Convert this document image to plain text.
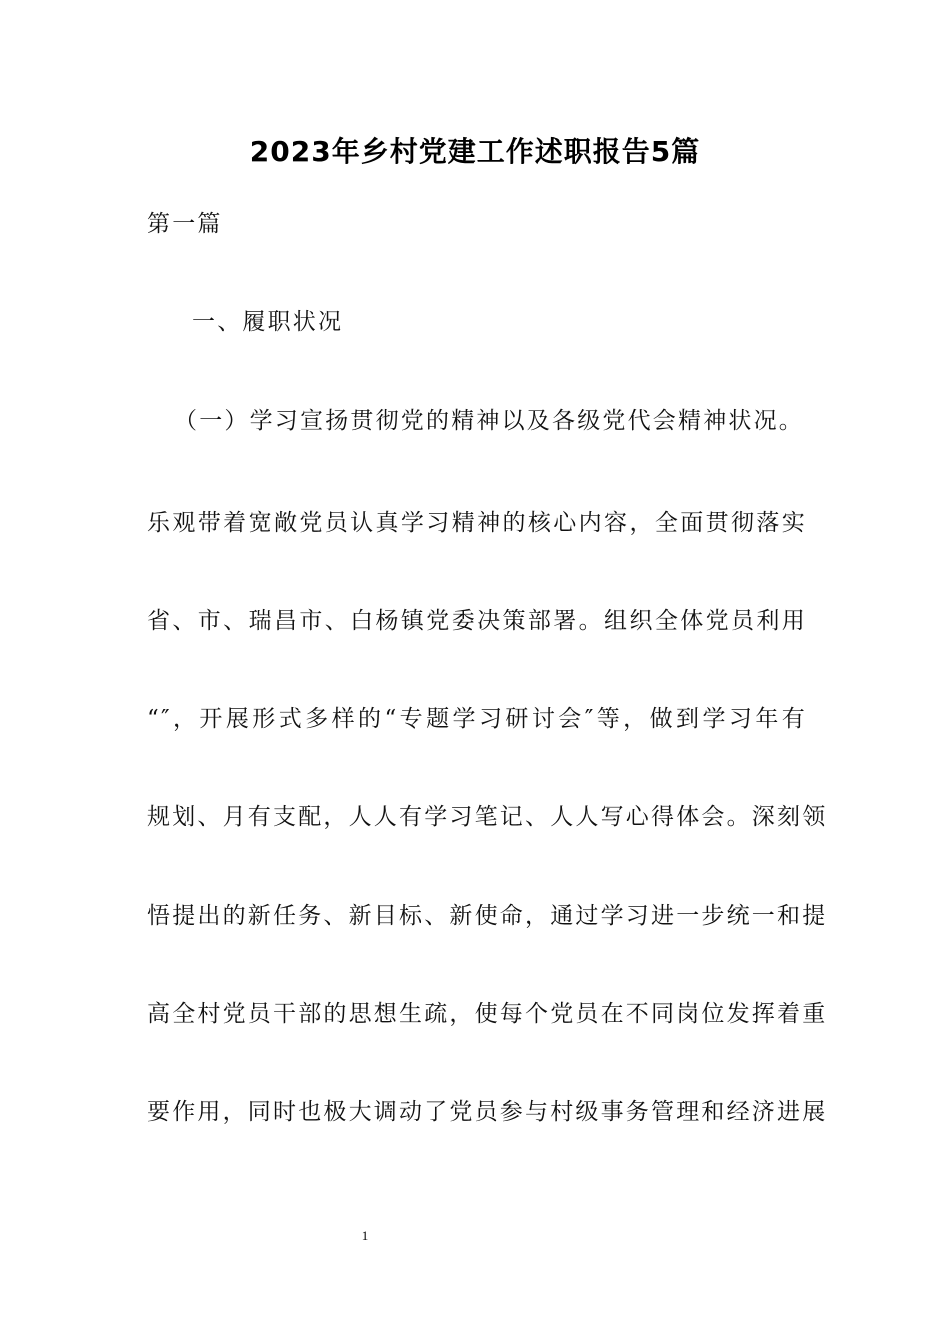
2023年乡村党建工作述职报告5篇
第一篇
一、履职状况
（一）学习宣扬贯彻党的精神以及各级党代会精神状况。
乐观带着宽敞党员认真学习精神的核心内容，全面贯彻落实
省、市、瑞昌市、白杨镇党委决策部署。组织全体党员利用
“″，开展形式多样的“专题学习研讨会″等，做到学习年有
规划、月有支配，人人有学习笔记、人人写心得体会。深刻领
悟提出的新任务、新目标、新使命，通过学习进一步统一和提
高全村党员干部的思想生疏，使每个党员在不同岗位发挥着重
要作用，同时也极大调动了党员参与村级事务管理和经济进展
1
